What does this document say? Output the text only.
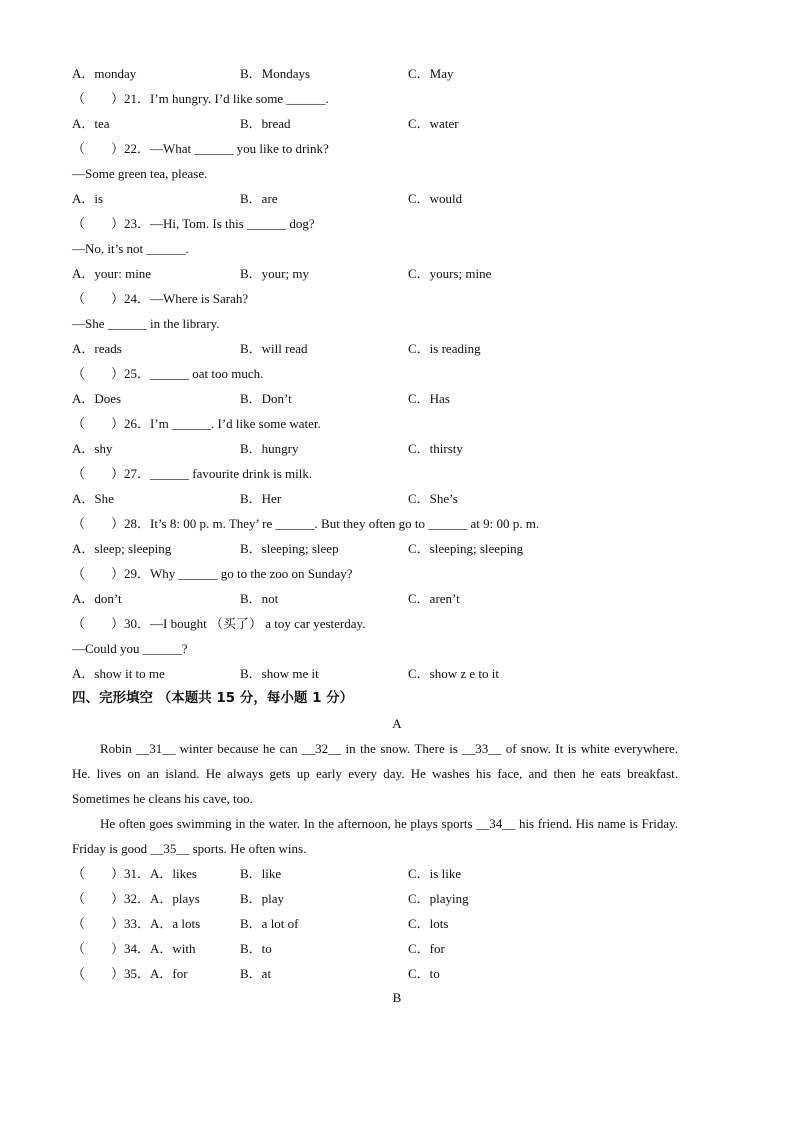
A．monday	B．Mondays	C．May
（　　）21．I’m hungry. I’d like some ______.
A．tea	B．bread	C．water
（　　）22．—What ______ you like to drink?
—Some green tea, please.
A．is	B．are	C．would
（　　）23．—Hi, Tom. Is this ______ dog?
—No, it’s not ______.
A．your: mine	B．your; my	C．yours; mine
（　　）24．—Where is Sarah?
—She ______ in the library.
A．reads	B．will read	C．is reading
（　　）25．______ oat too much.
A．Does	B．Don’t	C．Has
（　　）26．I’m ______. I’d like some water.
A．shy	B．hungry	C．thirsty
（　　）27．______ favourite drink is milk.
A．She	B．Her	C．She’s
（　　）28．It’s 8: 00 p. m. They’ re ______. But they often go to ______ at 9: 00 p. m.
A．sleep; sleeping	B．sleeping; sleep	C．sleeping; sleeping
（　　）29．Why ______ go to the zoo on Sunday?
A．don’t	B．not	C．aren’t
（　　）30．—I bought （买了） a toy car yesterday.
—Could you ______?
A．show it to me	B．show me it	C．show z e to it
四、完形填空 （本题共 15 分，每小题 1 分）
A
Robin __31__ winter because he can __32__ in the snow. There is __33__ of snow. It is white everywhere. He. lives on an island. He always gets up early every day. He washes his face, and then he eats breakfast. Sometimes he cleans his cave, too.
He often goes swimming in the water. In the afternoon, he plays sports __34__ his friend. His name is Friday. Friday is good __35__ sports. He often wins.
（　　）31．A．likes	B．like	C．is like
（　　）32．A．plays	B．play	C．playing
（　　）33．A．a lots	B．a lot of	C．lots
（　　）34．A．with	B．to	C．for
（　　）35．A．for	B．at	C．to
B
